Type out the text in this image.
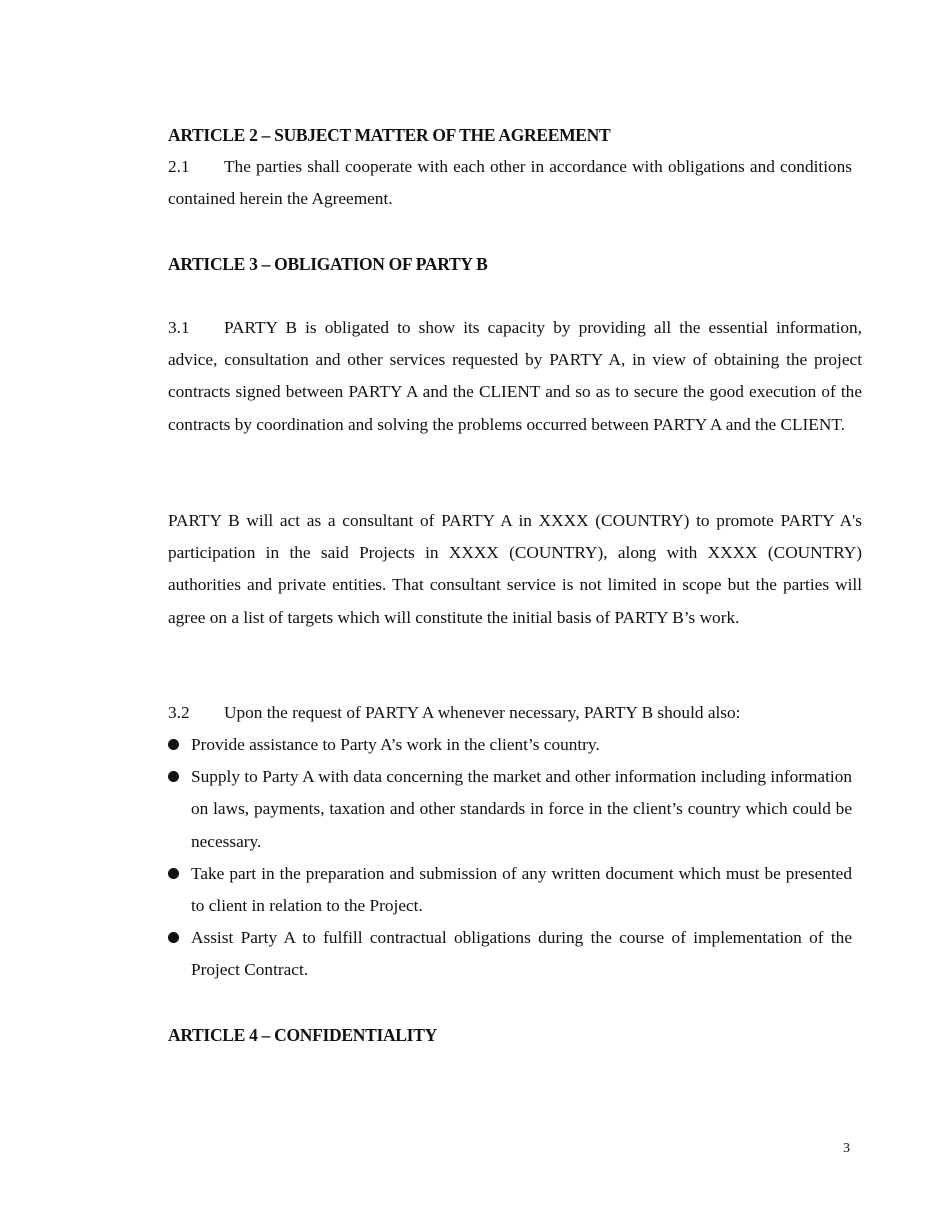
ARTICLE 2 – SUBJECT MATTER OF THE AGREEMENT
2.1 The parties shall cooperate with each other in accordance with obligations and conditions contained herein the Agreement.
ARTICLE 3 – OBLIGATION OF PARTY B
3.1 PARTY B is obligated to show its capacity by providing all the essential information, advice, consultation and other services requested by PARTY A, in view of obtaining the project contracts signed between PARTY A and the CLIENT and so as to secure the good execution of the contracts by coordination and solving the problems occurred between PARTY A and the CLIENT.
PARTY B will act as a consultant of PARTY A in XXXX (COUNTRY) to promote PARTY A's participation in the said Projects in XXXX (COUNTRY), along with XXXX (COUNTRY) authorities and private entities. That consultant service is not limited in scope but the parties will agree on a list of targets which will constitute the initial basis of PARTY B’s work.
3.2 Upon the request of PARTY A whenever necessary, PARTY B should also:
Provide assistance to Party A’s work in the client’s country.
Supply to Party A with data concerning the market and other information including information on laws, payments, taxation and other standards in force in the client’s country which could be necessary.
Take part in the preparation and submission of any written document which must be presented to client in relation to the Project.
Assist Party A to fulfill contractual obligations during the course of implementation of the Project Contract.
ARTICLE 4 – CONFIDENTIALITY
3
